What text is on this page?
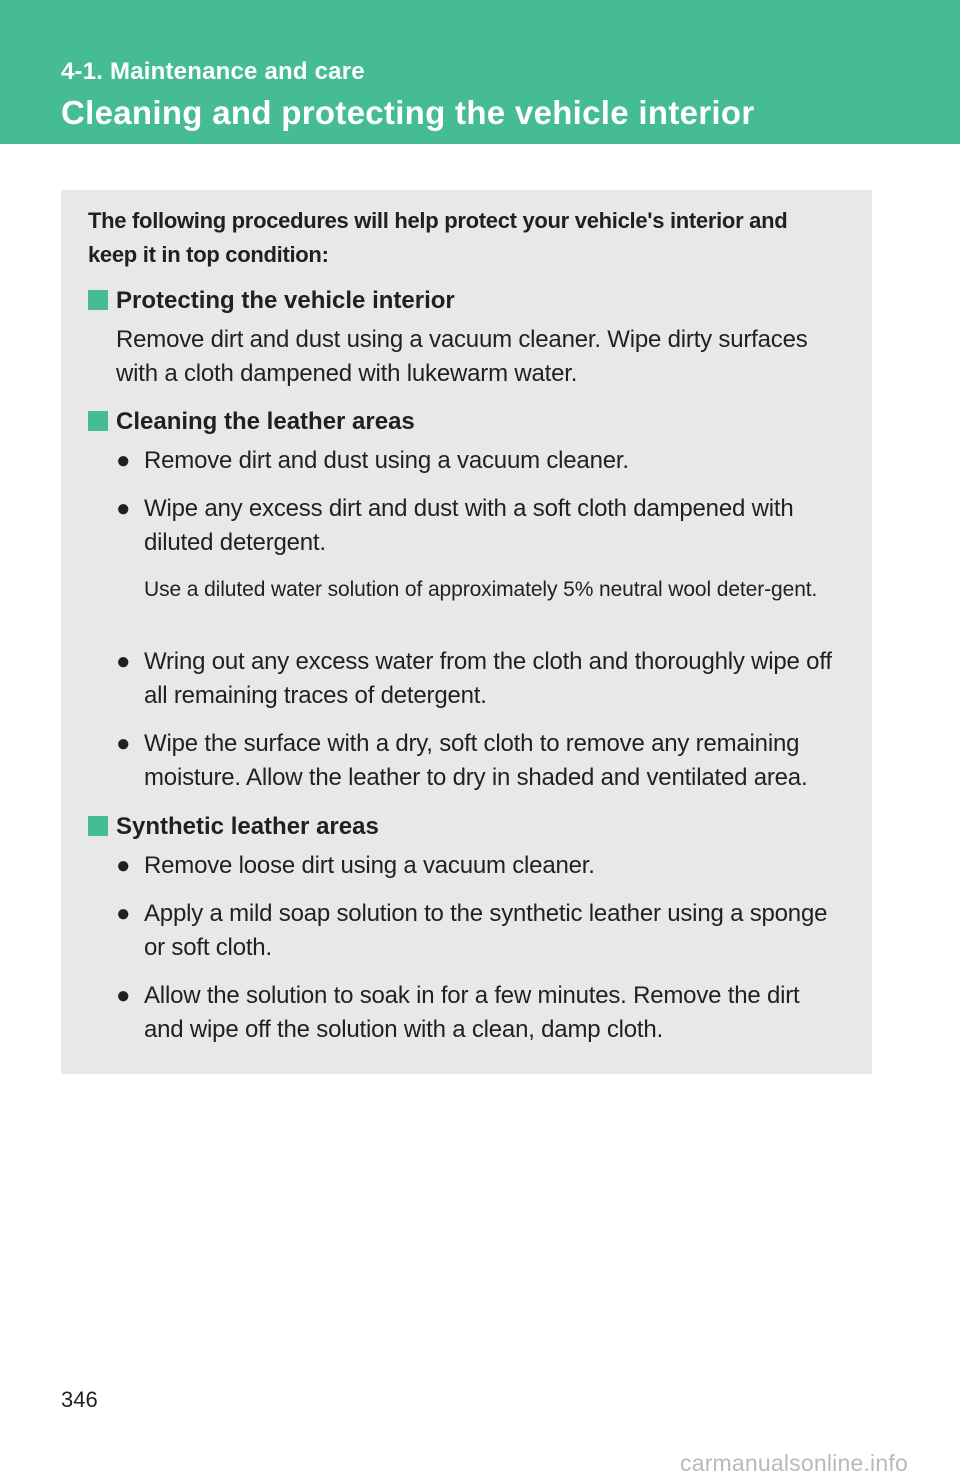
4-1. Maintenance and care
Cleaning and protecting the vehicle interior
The following procedures will help protect your vehicle's interior and keep it in top condition:
Protecting the vehicle interior
Remove dirt and dust using a vacuum cleaner. Wipe dirty surfaces with a cloth dampened with lukewarm water.
Cleaning the leather areas
● Remove dirt and dust using a vacuum cleaner.
● Wipe any excess dirt and dust with a soft cloth dampened with diluted detergent.
Use a diluted water solution of approximately 5% neutral wool deter-gent.
● Wring out any excess water from the cloth and thoroughly wipe off all remaining traces of detergent.
● Wipe the surface with a dry, soft cloth to remove any remaining moisture. Allow the leather to dry in shaded and ventilated area.
Synthetic leather areas
● Remove loose dirt using a vacuum cleaner.
● Apply a mild soap solution to the synthetic leather using a sponge or soft cloth.
● Allow the solution to soak in for a few minutes. Remove the dirt and wipe off the solution with a clean, damp cloth.
346
carmanualsonline.info
